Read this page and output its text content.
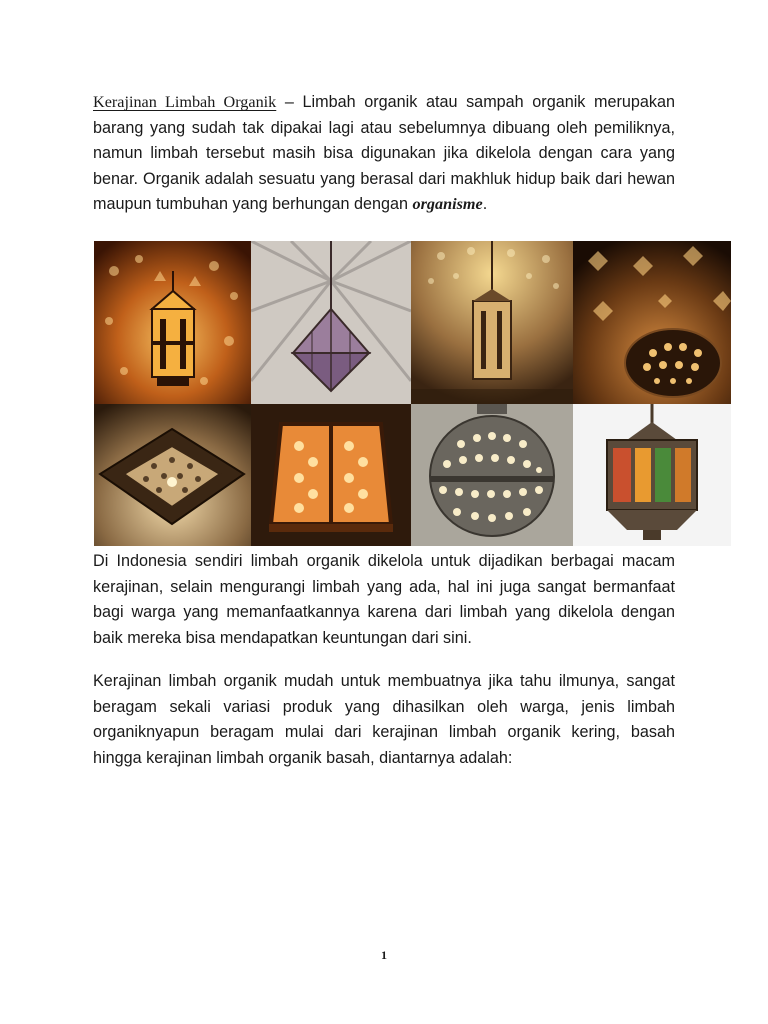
Kerajinan Limbah Organik – Limbah organik atau sampah organik merupakan barang yang sudah tak dipakai lagi atau sebelumnya dibuang oleh pemiliknya, namun limbah tersebut masih bisa digunakan jika dikelola dengan cara yang benar. Organik adalah sesuatu yang berasal dari makhluk hidup baik dari hewan maupun tumbuhan yang berhungan dengan organisme.

Di Indonesia sendiri limbah organik dikelola untuk dijadikan berbagai macam kerajinan, selain mengurangi limbah yang ada, hal ini juga sangat bermanfaat bagi warga yang memanfaatkannya karena dari limbah yang dikelola dengan baik mereka bisa mendapatkan keuntungan dari sini.

Kerajinan limbah organik mudah untuk membuatnya jika tahu ilmunya, sangat beragam sekali variasi produk yang dihasilkan oleh warga, jenis limbah organiknyapun beragam mulai dari kerajinan limbah organik kering, basah hingga kerajinan limbah organik basah, diantarnya adalah:

1
